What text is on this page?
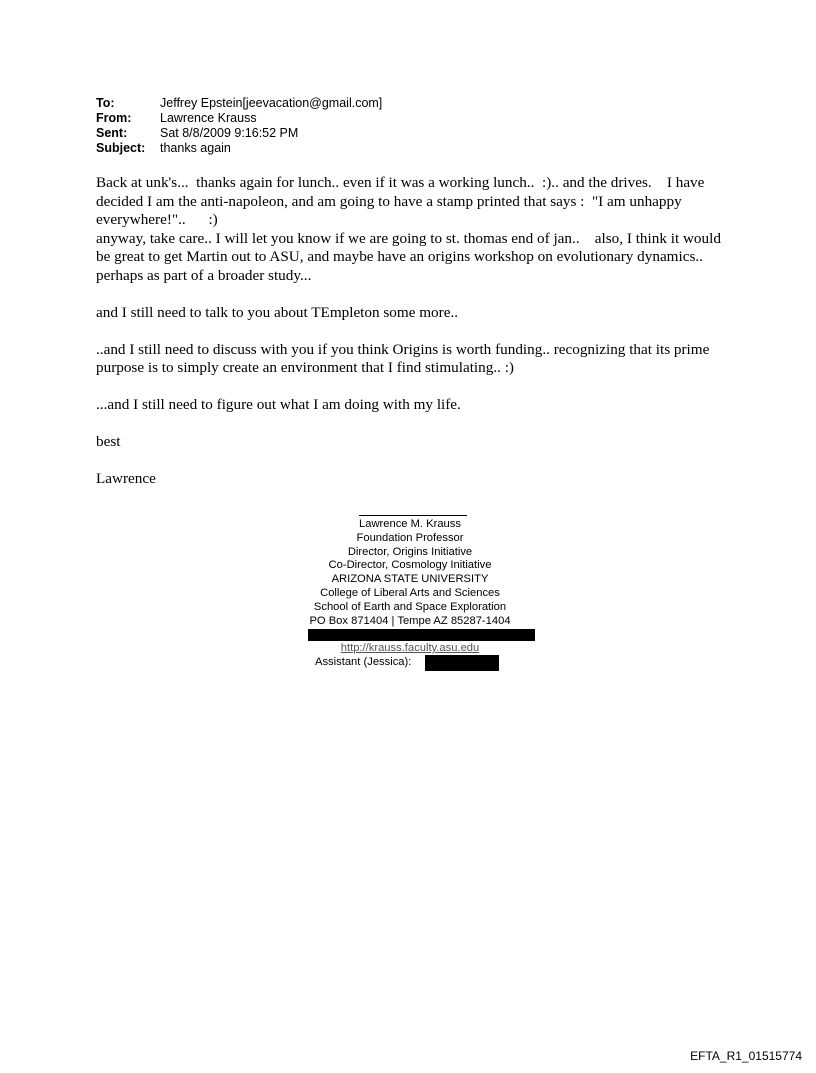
To:	Jeffrey Epstein[jeevacation@gmail.com]
From:	Lawrence Krauss
Sent:	Sat 8/8/2009 9:16:52 PM
Subject:	thanks again

Back at unk's...  thanks again for lunch.. even if it was a working lunch..  :).. and the drives.    I have decided I am the anti-napoleon, and am going to have a stamp printed that says :  "I am unhappy everywhere!"..      :)
anyway, take care.. I will let you know if we are going to st. thomas end of jan..    also, I think it would be great to get Martin out to ASU, and maybe have an origins workshop on evolutionary dynamics.. perhaps as part of a broader study...

and I still need to talk to you about TEmpleton some more..

..and I still need to discuss with you if you think Origins is worth funding.. recognizing that its prime purpose is to simply create an environment that I find stimulating.. :)

...and I still need to figure out what I am doing with my life.

best

Lawrence

Lawrence M. Krauss
Foundation Professor
Director, Origins Initiative
Co-Director, Cosmology Initiative
ARIZONA STATE UNIVERSITY
College of Liberal Arts and Sciences
School of Earth and Space Exploration
PO Box 871404 | Tempe AZ 85287-1404
http://krauss.faculty.asu.edu
Assistant (Jessica):
EFTA_R1_01515774
